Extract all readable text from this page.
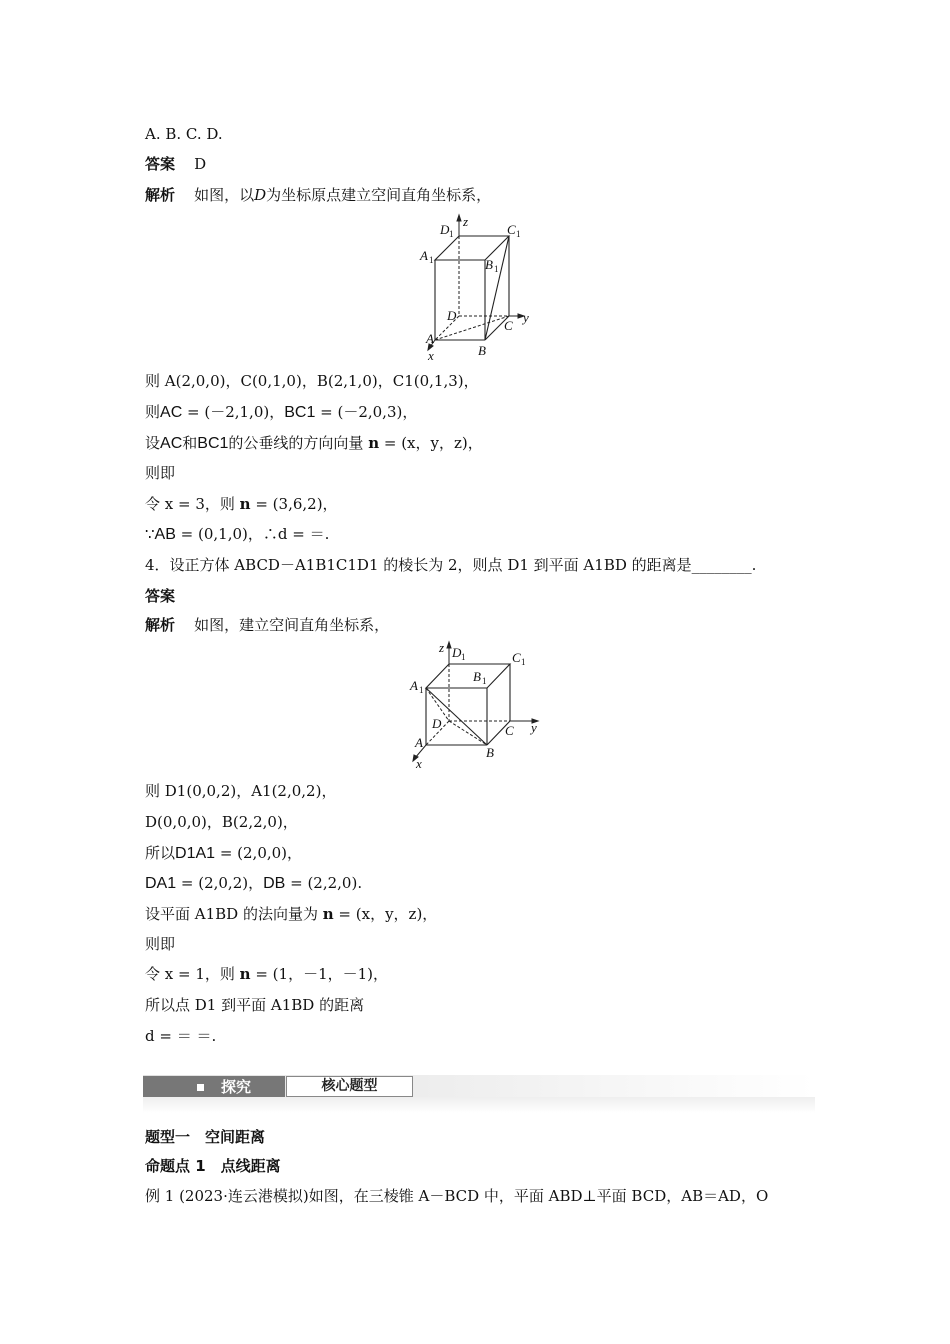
A. B. C. D.
答案 D
解析 如图，以D为坐标原点建立空间直角坐标系，
z
y
x
D 1	C 1
A 1	B 1
D
C
A
B
则 A(2,0,0)，C(0,1,0)，B(2,1,0)，C1(0,1,3)，
则AC = (－2,1,0)，BC1 = (－2,0,3)，
设AC和BC1的公垂线的方向向量 n = (x，y，z)，
则即
令 x = 3，则 n = (3,6,2)，
∵AB = (0,1,0)，∴d = ＝.
4．设正方体 ABCD－A1B1C1D1 的棱长为 2，则点 D1 到平面 A1BD 的距离是________.
答案
解析 如图，建立空间直角坐标系，
z
y
x
D 1	C 1
A 1
B 1
D	C
A
B
则 D1(0,0,2)，A1(2,0,2)，
D(0,0,0)，B(2,2,0)，
所以D1A1 = (2,0,0)，
DA1 = (2,0,2)，DB = (2,2,0).
设平面 A1BD 的法向量为 n = (x，y，z)，
则即
令 x = 1，则 n = (1，－1，－1)，
所以点 D1 到平面 A1BD 的距离
d = ＝ ＝.
探究	核心题型
题型一　空间距离
命题点 1　点线距离
例 1 (2023·连云港模拟)如图，在三棱锥 A－BCD 中，平面 ABD⊥平面 BCD，AB＝AD，O
